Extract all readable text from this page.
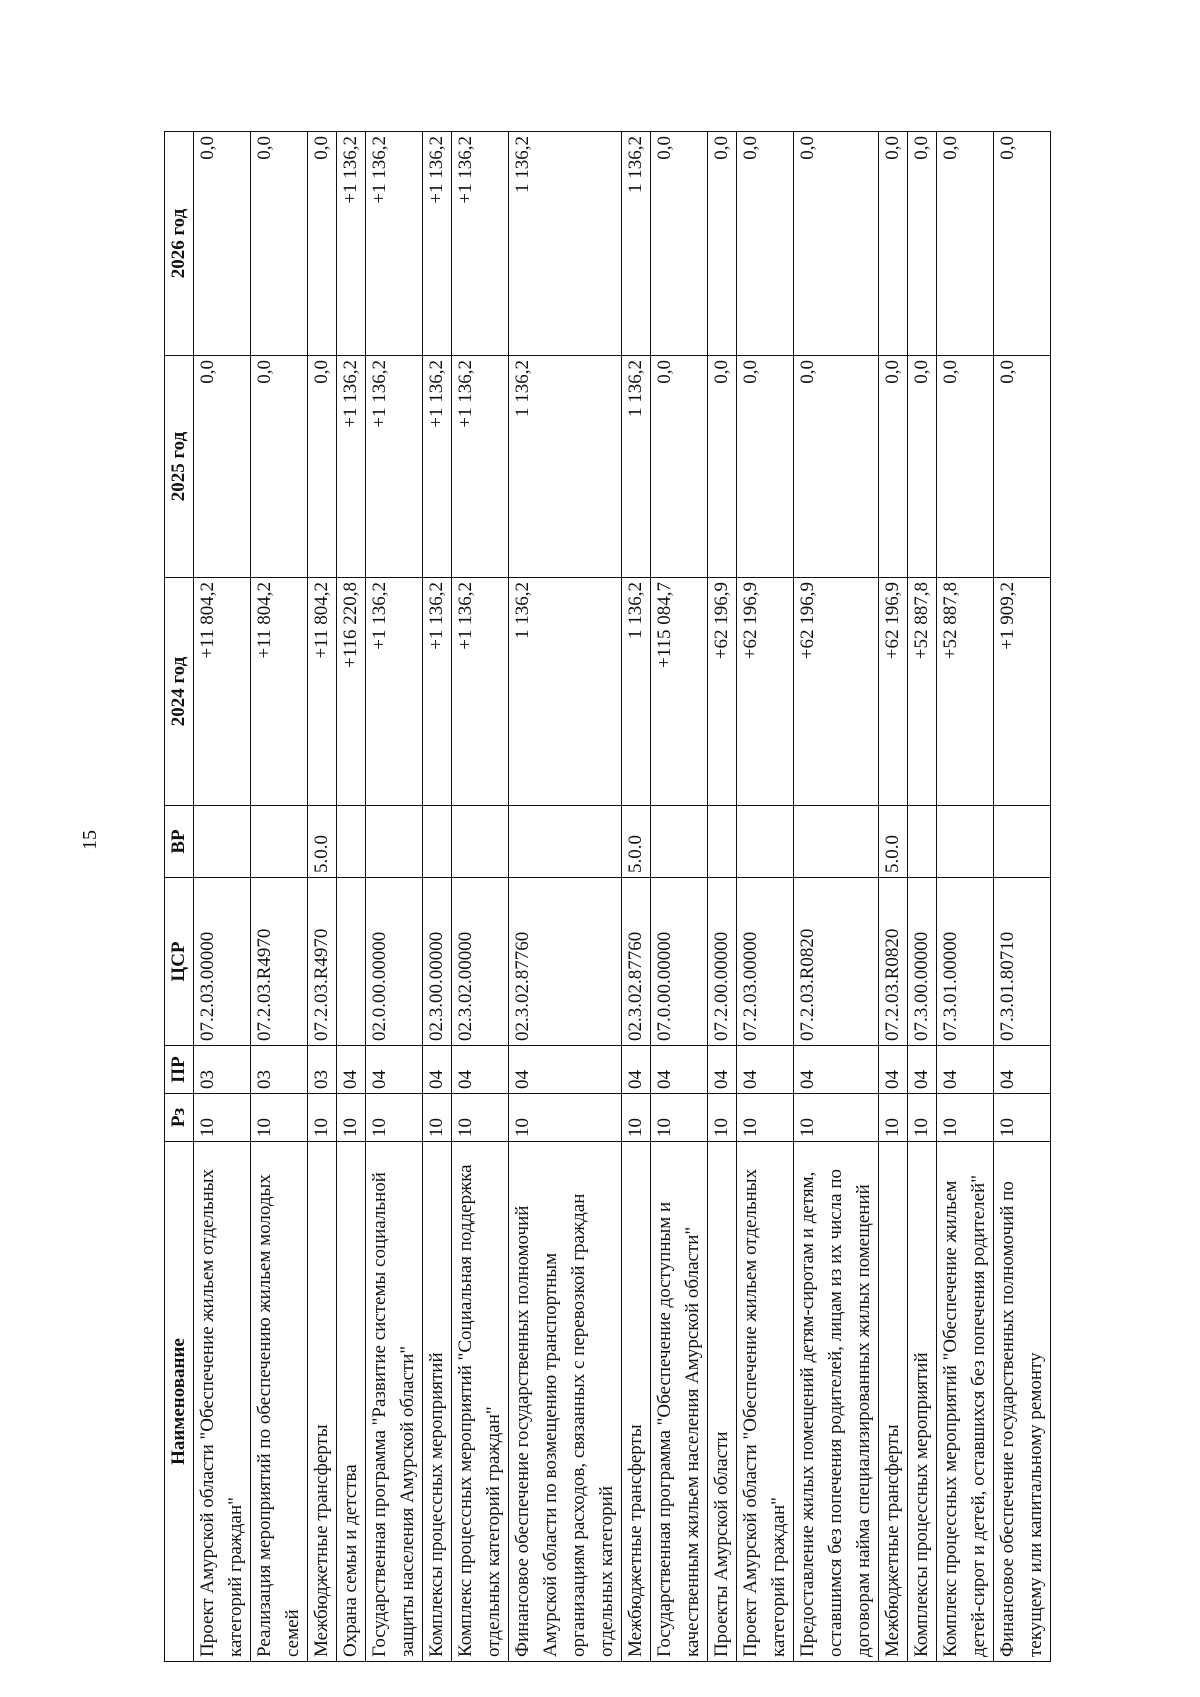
15
Наименование	Рз	ПР	ЦСР	ВР	2024 год	2025 год	2026 год
Проект Амурской области "Обеспечение жильем отдельных категорий граждан"	10	03	07.2.03.00000		+11 804,2	0,0	0,0
Реализация мероприятий по обеспечению жильем молодых семей	10	03	07.2.03.R4970		+11 804,2	0,0	0,0
Межбюджетные трансферты	10	03	07.2.03.R4970	5.0.0	+11 804,2	0,0	0,0
Охрана семьи и детства	10	04			+116 220,8	+1 136,2	+1 136,2
Государственная программа "Развитие системы социальной защиты населения Амурской области"	10	04	02.0.00.00000		+1 136,2	+1 136,2	+1 136,2
Комплексы процессных мероприятий	10	04	02.3.00.00000		+1 136,2	+1 136,2	+1 136,2
Комплекс процессных мероприятий "Социальная поддержка отдельных категорий граждан"	10	04	02.3.02.00000		+1 136,2	+1 136,2	+1 136,2
Финансовое обеспечение государственных полномочий Амурской области по возмещению транспортным организациям расходов, связанных с перевозкой граждан отдельных категорий	10	04	02.3.02.87760		1 136,2	1 136,2	1 136,2
Межбюджетные трансферты	10	04	02.3.02.87760	5.0.0	1 136,2	1 136,2	1 136,2
Государственная программа "Обеспечение доступным и качественным жильем населения Амурской области"	10	04	07.0.00.00000		+115 084,7	0,0	0,0
Проекты Амурской области	10	04	07.2.00.00000		+62 196,9	0,0	0,0
Проект Амурской области "Обеспечение жильем отдельных категорий граждан"	10	04	07.2.03.00000		+62 196,9	0,0	0,0
Предоставление жилых помещений детям-сиротам и детям, оставшимся без попечения родителей, лицам из их числа по договорам найма специализированных жилых помещений	10	04	07.2.03.R0820		+62 196,9	0,0	0,0
Межбюджетные трансферты	10	04	07.2.03.R0820	5.0.0	+62 196,9	0,0	0,0
Комплексы процессных мероприятий	10	04	07.3.00.00000		+52 887,8	0,0	0,0
Комплекс процессных мероприятий "Обеспечение жильем детей-сирот и детей, оставшихся без попечения родителей"	10	04	07.3.01.00000		+52 887,8	0,0	0,0
Финансовое обеспечение государственных полномочий по текущему или капитальному ремонту	10	04	07.3.01.80710		+1 909,2	0,0	0,0
